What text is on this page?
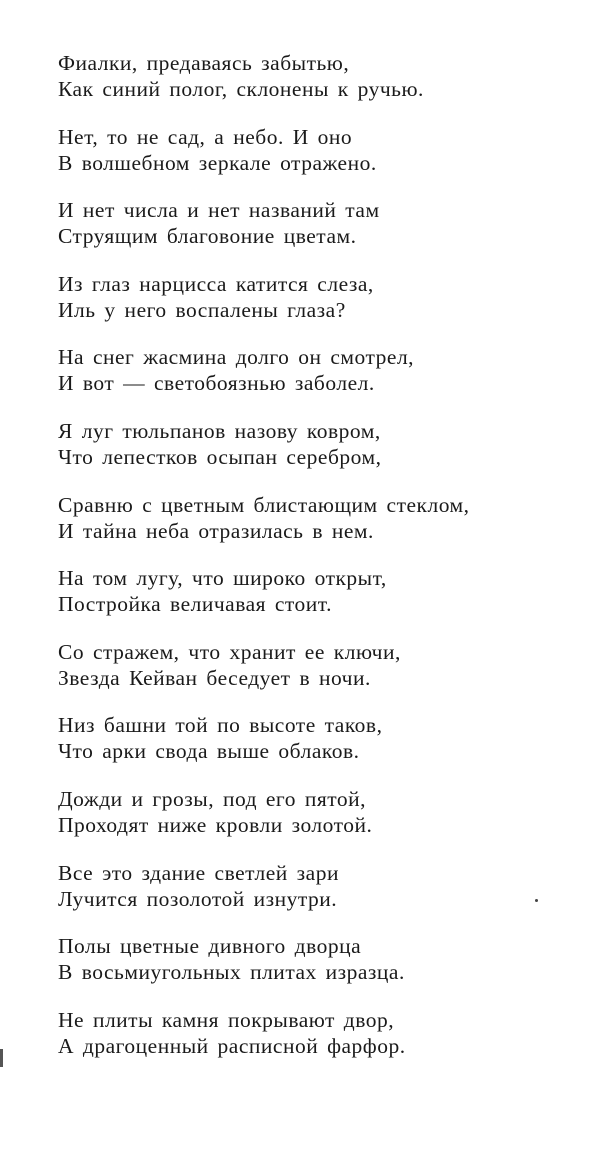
Фиалки, предаваясь забытью,
Как синий полог, склонены к ручью.
Нет, то не сад, а небо. И оно
В волшебном зеркале отражено.
И нет числа и нет названий там
Струящим благовоние цветам.
Из глаз нарцисса катится слеза,
Иль у него воспалены глаза?
На снег жасмина долго он смотрел,
И вот — светобоязнью заболел.
Я луг тюльпанов назову ковром,
Что лепестков осыпан серебром,
Сравню с цветным блистающим стеклом,
И тайна неба отразилась в нем.
На том лугу, что широко открыт,
Постройка величавая стоит.
Со стражем, что хранит ее ключи,
Звезда Кейван беседует в ночи.
Низ башни той по высоте таков,
Что арки свода выше облаков.
Дожди и грозы, под его пятой,
Проходят ниже кровли золотой.
Все это здание светлей зари
Лучится позолотой изнутри.
Полы цветные дивного дворца
В восьмиугольных плитах изразца.
Не плиты камня покрывают двор,
А драгоценный расписной фарфор.
